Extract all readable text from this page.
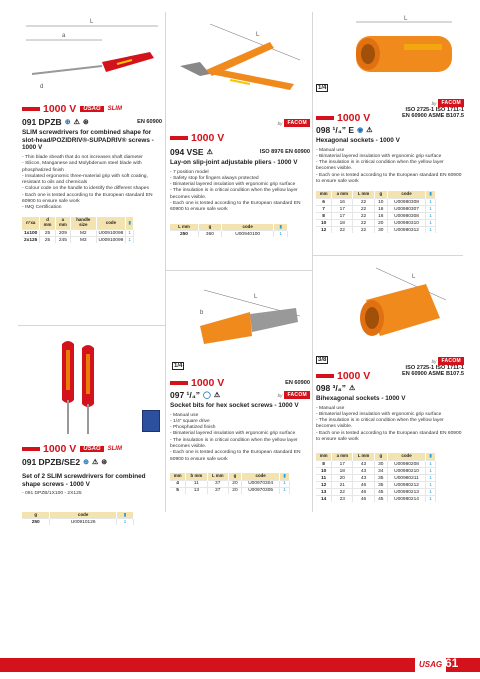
L
a
d
1000 V	USAG	SLIM
091 DPZB ⊕ ⚠ ⊛	EN 60900
SLIM screwdrivers for combined shape for slot-head/POZIDRIV®-SUPADRIV® screws - 1000 V
- Thin blade sheath that do not increases shaft diameter
- Silicon, Manganese and Molybdenum steel blade with phosphatized finish
- Insulated ergonomic three-material grip with soft coating, resistant to oils and chemicals
- Colour code on the handle to identify the different shapes
- Each one is tested according to the European standard EN 60900 to ensure safe work
- IMQ Certification
n°xa	d mm	a mm	handle size	code	▮
1x100	25	209	M2	U00910098	1
2x125	25	245	M3	U00910099	1
L
by	FACOM
1000 V
094 VSE ⚠	ISO 8976 EN 60900
Lay-on slip-joint adjustable pliers - 1000 V
- 7 position model
- Safety stop for fingers always protected
- Bimaterial layered insulation with ergonomic grip surface
- The insulation is in critical condition when the yellow layer becomes visible.
- Each one is tested according to the European standard EN 60900 to ensure safe work
L mm	g	code	▮
250	360	U00940100	1
L
1/4
by	FACOM
1000 V
098 ¹/₄” E ◉ ⚠
ISO 2725-1 ISO 1711-1
EN 60900 ASME B107.5
Hexagonal sockets - 1000 V
- Manual use
- Bimaterial layered insulation with ergonomic grip surface
- The insulation is in critical condition when the yellow layer becomes visible.
- Each one is tested according to the European standard EN 60900 to ensure safe work
mm	a mm	L mm	g	code	▮
6	16	22	10	U00980308	1
7	17	22	16	U00980307	1
8	17	22	16	U00980308	1
10	18	22	20	U00980310	1
12	22	22	30	U00980312	1
1000 V	USAG	SLIM
091 DPZB/SE2 ⊕ ⚠ ⊛
Set of 2 SLIM screwdrivers for combined shape screws - 1000 V
- 091 DPZB/1X100 - 2X125
g	code	▮
250	U00910126	1
L
b
1/4
1000 V	EN 60900
097 ¹/₄” ◯ ⚠	by	FACOM
Socket bits for hex socket screws - 1000 V
- Manual use
- 1/4” square drive
- Phosphatized finish
- Bimaterial layered insulation with ergonomic grip surface
- The insulation is in critical condition when the yellow layer becomes visible.
- Each one is tested according to the European standard EN 60900 to ensure safe work
mm	b mm	L mm	g	code	▮
4	11	37	20	U00970304	1
5	13	37	20	U00970305	1
L
3/8	by	FACOM
1000 V
098 ³/₈” ⚠
ISO 2725-1 ISO 1711-1
EN 60900 ASME B107.5
Bihexagonal sockets - 1000 V
- Manual use
- Bimaterial layered insulation with ergonomic grip surface
- The insulation is in critical condition when the yellow layer becomes visible.
- Each one is tested according to the European standard EN 60900 to ensure safe work
mm	a mm	L mm	g	code	▮
8	17	43	30	U00980208	1
10	18	43	34	U00980210	1
11	20	43	35	U00980211	1
12	21	46	35	U00980212	1
13	22	46	45	U00980213	1
14	23	46	45	U00980214	1
USAG 61
